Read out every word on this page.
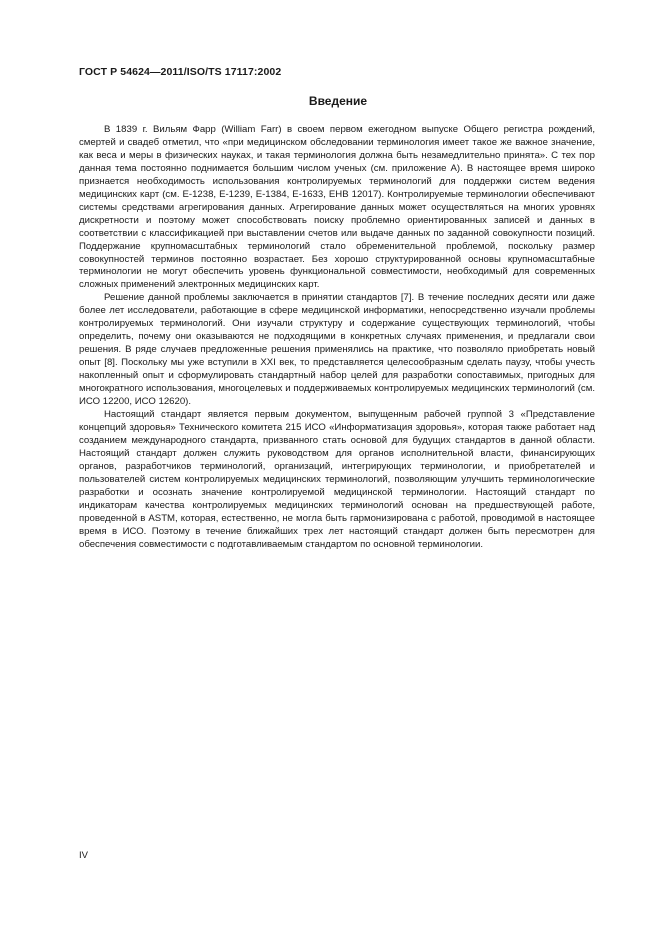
ГОСТ Р 54624—2011/ISO/TS 17117:2002
Введение

В 1839 г. Вильям Фарр (William Farr) в своем первом ежегодном выпуске Общего регистра рождений, смертей и свадеб отметил, что «при медицинском обследовании терминология имеет такое же важное значение, как веса и меры в физических науках, и такая терминология должна быть незамедлительно принята». С тех пор данная тема постоянно поднимается большим числом ученых (см. приложение А). В настоящее время широко признается необходимость использования контролируемых терминологий для поддержки систем ведения медицинских карт (см. Е-1238, Е-1239, Е-1384, Е-1633, ЕНВ 12017). Контролируемые терминологии обеспечивают системы средствами агрегирования данных. Агрегирование данных может осуществляться на многих уровнях дискретности и поэтому может способствовать поиску проблемно ориентированных записей и данных в соответствии с классификацией при выставлении счетов или выдаче данных по заданной совокупности позиций. Поддержание крупномасштабных терминологий стало обременительной проблемой, поскольку размер совокупностей терминов постоянно возрастает. Без хорошо структурированной основы крупномасштабные терминологии не могут обеспечить уровень функциональной совместимости, необходимый для современных сложных применений электронных медицинских карт.

Решение данной проблемы заключается в принятии стандартов [7]. В течение последних десяти или даже более лет исследователи, работающие в сфере медицинской информатики, непосредственно изучали проблемы контролируемых терминологий. Они изучали структуру и содержание существующих терминологий, чтобы определить, почему они оказываются не подходящими в конкретных случаях применения, и предлагали свои решения. В ряде случаев предложенные решения применялись на практике, что позволяло приобретать новый опыт [8]. Поскольку мы уже вступили в XXI век, то представляется целесообразным сделать паузу, чтобы учесть накопленный опыт и сформулировать стандартный набор целей для разработки сопоставимых, пригодных для многократного использования, многоцелевых и поддерживаемых контролируемых медицинских терминологий (см. ИСО 12200, ИСО 12620).

Настоящий стандарт является первым документом, выпущенным рабочей группой 3 «Представление концепций здоровья» Технического комитета 215 ИСО «Информатизация здоровья», которая также работает над созданием международного стандарта, призванного стать основой для будущих стандартов в данной области. Настоящий стандарт должен служить руководством для органов исполнительной власти, финансирующих органов, разработчиков терминологий, организаций, интегрирующих терминологии, и приобретателей и пользователей систем контролируемых медицинских терминологий, позволяющим улучшить терминологические разработки и осознать значение контролируемой медицинской терминологии. Настоящий стандарт по индикаторам качества контролируемых медицинских терминологий основан на предшествующей работе, проведенной в ASTM, которая, естественно, не могла быть гармонизирована с работой, проводимой в настоящее время в ИСО. Поэтому в течение ближайших трех лет настоящий стандарт должен быть пересмотрен для обеспечения совместимости с подготавливаемым стандартом по основной терминологии.

IV
